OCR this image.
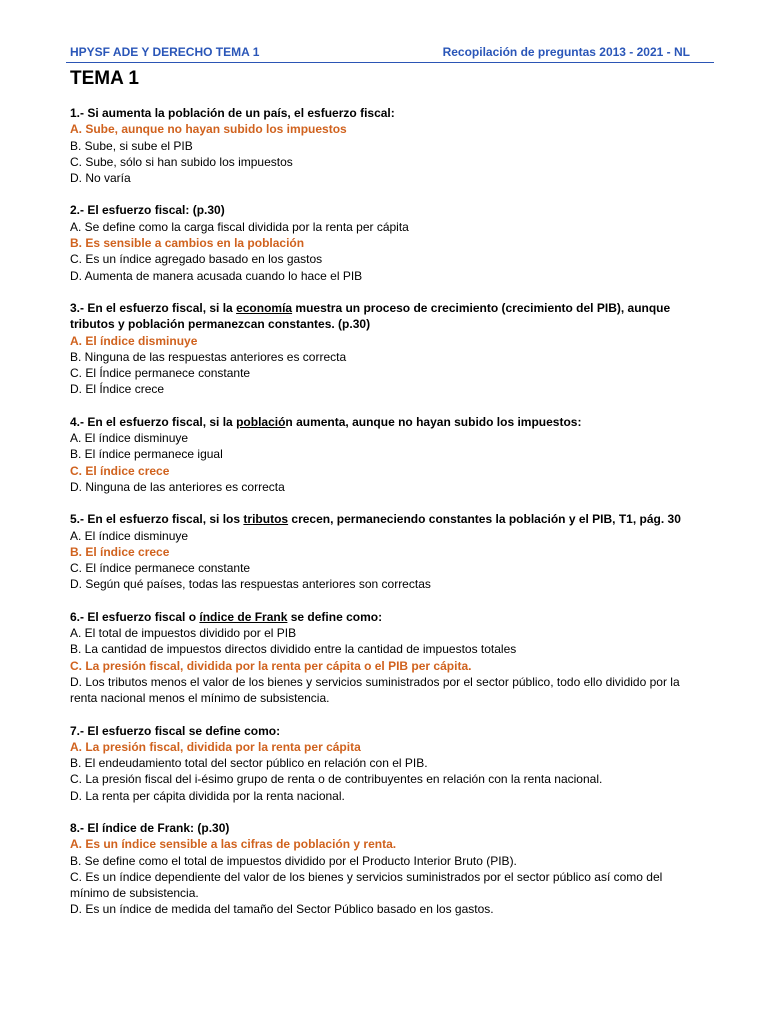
HPYSF ADE Y DERECHO TEMA 1	Recopilación de preguntas 2013 - 2021 - NL
TEMA 1
1.- Si aumenta la población de un país, el esfuerzo fiscal:
A. Sube, aunque no hayan subido los impuestos
B. Sube, si sube el PIB
C. Sube, sólo si han subido los impuestos
D. No varía
2.- El esfuerzo fiscal: (p.30)
A. Se define como la carga fiscal dividida por la renta per cápita
B. Es sensible a cambios en la población
C. Es un índice agregado basado en los gastos
D. Aumenta de manera acusada cuando lo hace el PIB
3.- En el esfuerzo fiscal, si la economía muestra un proceso de crecimiento (crecimiento del PIB), aunque tributos y población permanezcan constantes. (p.30)
A. El índice disminuye
B. Ninguna de las respuestas anteriores es correcta
C. El Índice permanece constante
D. El Índice crece
4.- En el esfuerzo fiscal, si la población aumenta, aunque no hayan subido los impuestos:
A. El índice disminuye
B. El índice permanece igual
C. El índice crece
D. Ninguna de las anteriores es correcta
5.- En el esfuerzo fiscal, si los tributos crecen, permaneciendo constantes la población y el PIB, T1, pág. 30
A. El índice disminuye
B. El índice crece
C. El índice permanece constante
D. Según qué países, todas las respuestas anteriores son correctas
6.- El esfuerzo fiscal o índice de Frank se define como:
A. El total de impuestos dividido por el PIB
B. La cantidad de impuestos directos dividido entre la cantidad de impuestos totales
C. La presión fiscal, dividida por la renta per cápita o el PIB per cápita.
D. Los tributos menos el valor de los bienes y servicios suministrados por el sector público, todo ello dividido por la renta nacional menos el mínimo de subsistencia.
7.- El esfuerzo fiscal se define como:
A. La presión fiscal, dividida por la renta per cápita
B. El endeudamiento total del sector público en relación con el PIB.
C. La presión fiscal del i-ésimo grupo de renta o de contribuyentes en relación con la renta nacional.
D. La renta per cápita dividida por la renta nacional.
8.- El índice de Frank: (p.30)
A. Es un índice sensible a las cifras de población y renta.
B. Se define como el total de impuestos dividido por el Producto Interior Bruto (PIB).
C. Es un índice dependiente del valor de los bienes y servicios suministrados por el sector público así como del mínimo de subsistencia.
D. Es un índice de medida del tamaño del Sector Público basado en los gastos.
